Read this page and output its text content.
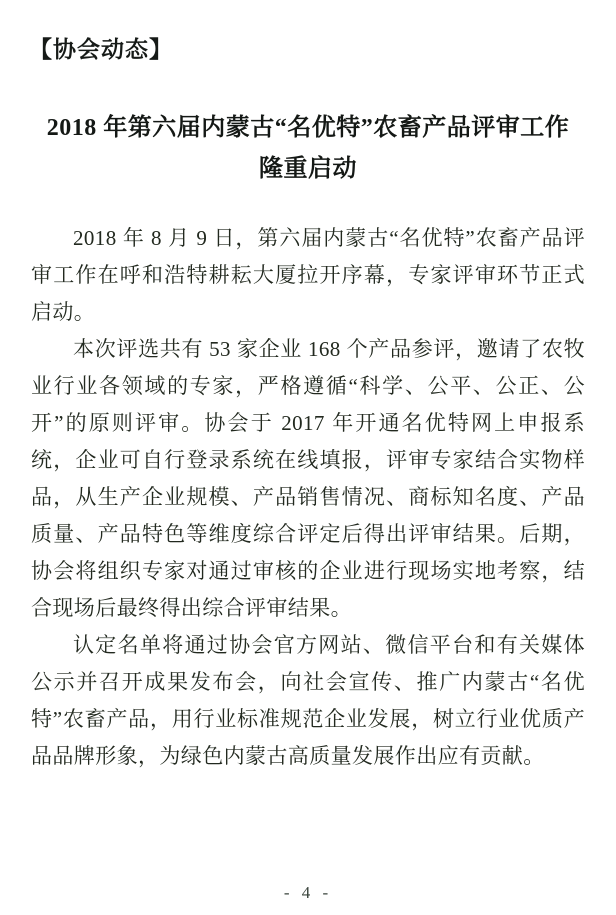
【协会动态】
2018 年第六届内蒙古“名优特”农畜产品评审工作
隆重启动

2018 年 8 月 9 日，第六届内蒙古“名优特”农畜产品评审工作在呼和浩特耕耘大厦拉开序幕，专家评审环节正式启动。

本次评选共有 53 家企业 168 个产品参评，邀请了农牧业行业各领域的专家，严格遵循“科学、公平、公正、公开”的原则评审。协会于 2017 年开通名优特网上申报系统，企业可自行登录系统在线填报，评审专家结合实物样品，从生产企业规模、产品销售情况、商标知名度、产品质量、产品特色等维度综合评定后得出评审结果。后期，协会将组织专家对通过审核的企业进行现场实地考察，结合现场后最终得出综合评审结果。

认定名单将通过协会官方网站、微信平台和有关媒体公示并召开成果发布会，向社会宣传、推广内蒙古“名优特”农畜产品，用行业标准规范企业发展，树立行业优质产品品牌形象，为绿色内蒙古高质量发展作出应有贡献。

- 4 -
